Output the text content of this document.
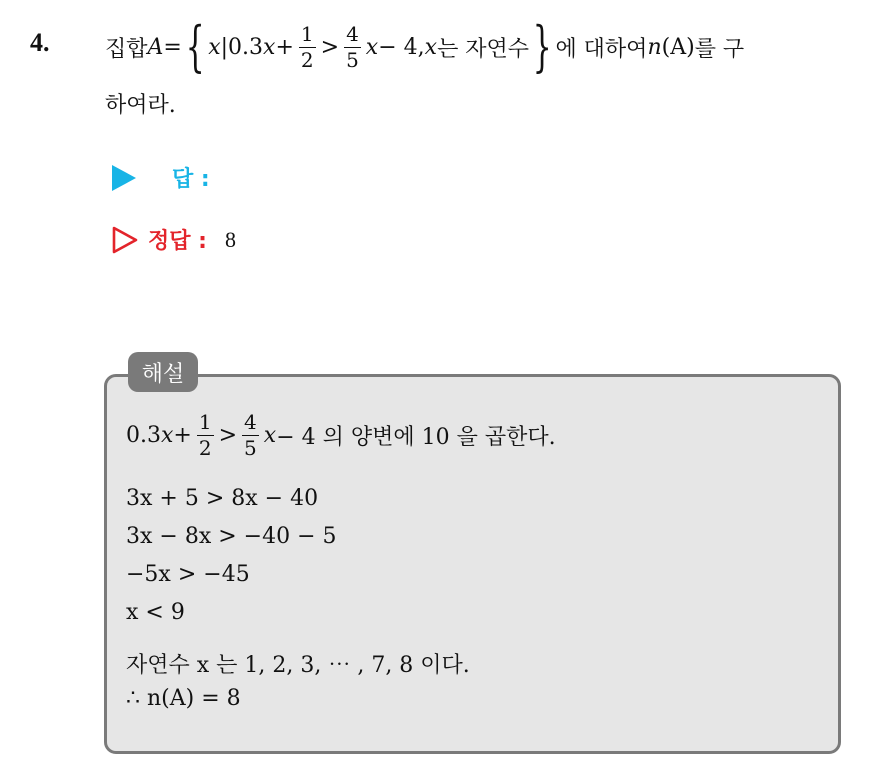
4.	집합 A = { x |0.3 $x + \frac{1}{2} > \frac{4}{5}$ x − 4, x 는 자연수 } 에 대하여 n (A) 를 구
하여라.
답 :
정답 : 8
해설
0.3 $x + \frac{1}{2} > \frac{4}{5}$ x − 4 의 양변에 10 을 곱한다.
3x + 5 > 8x − 40
3x − 8x > −40 − 5
−5x > −45
x < 9
자연수 x 는 1, 2, 3, ⋯ , 7, 8 이다.
∴ n(A) = 8
